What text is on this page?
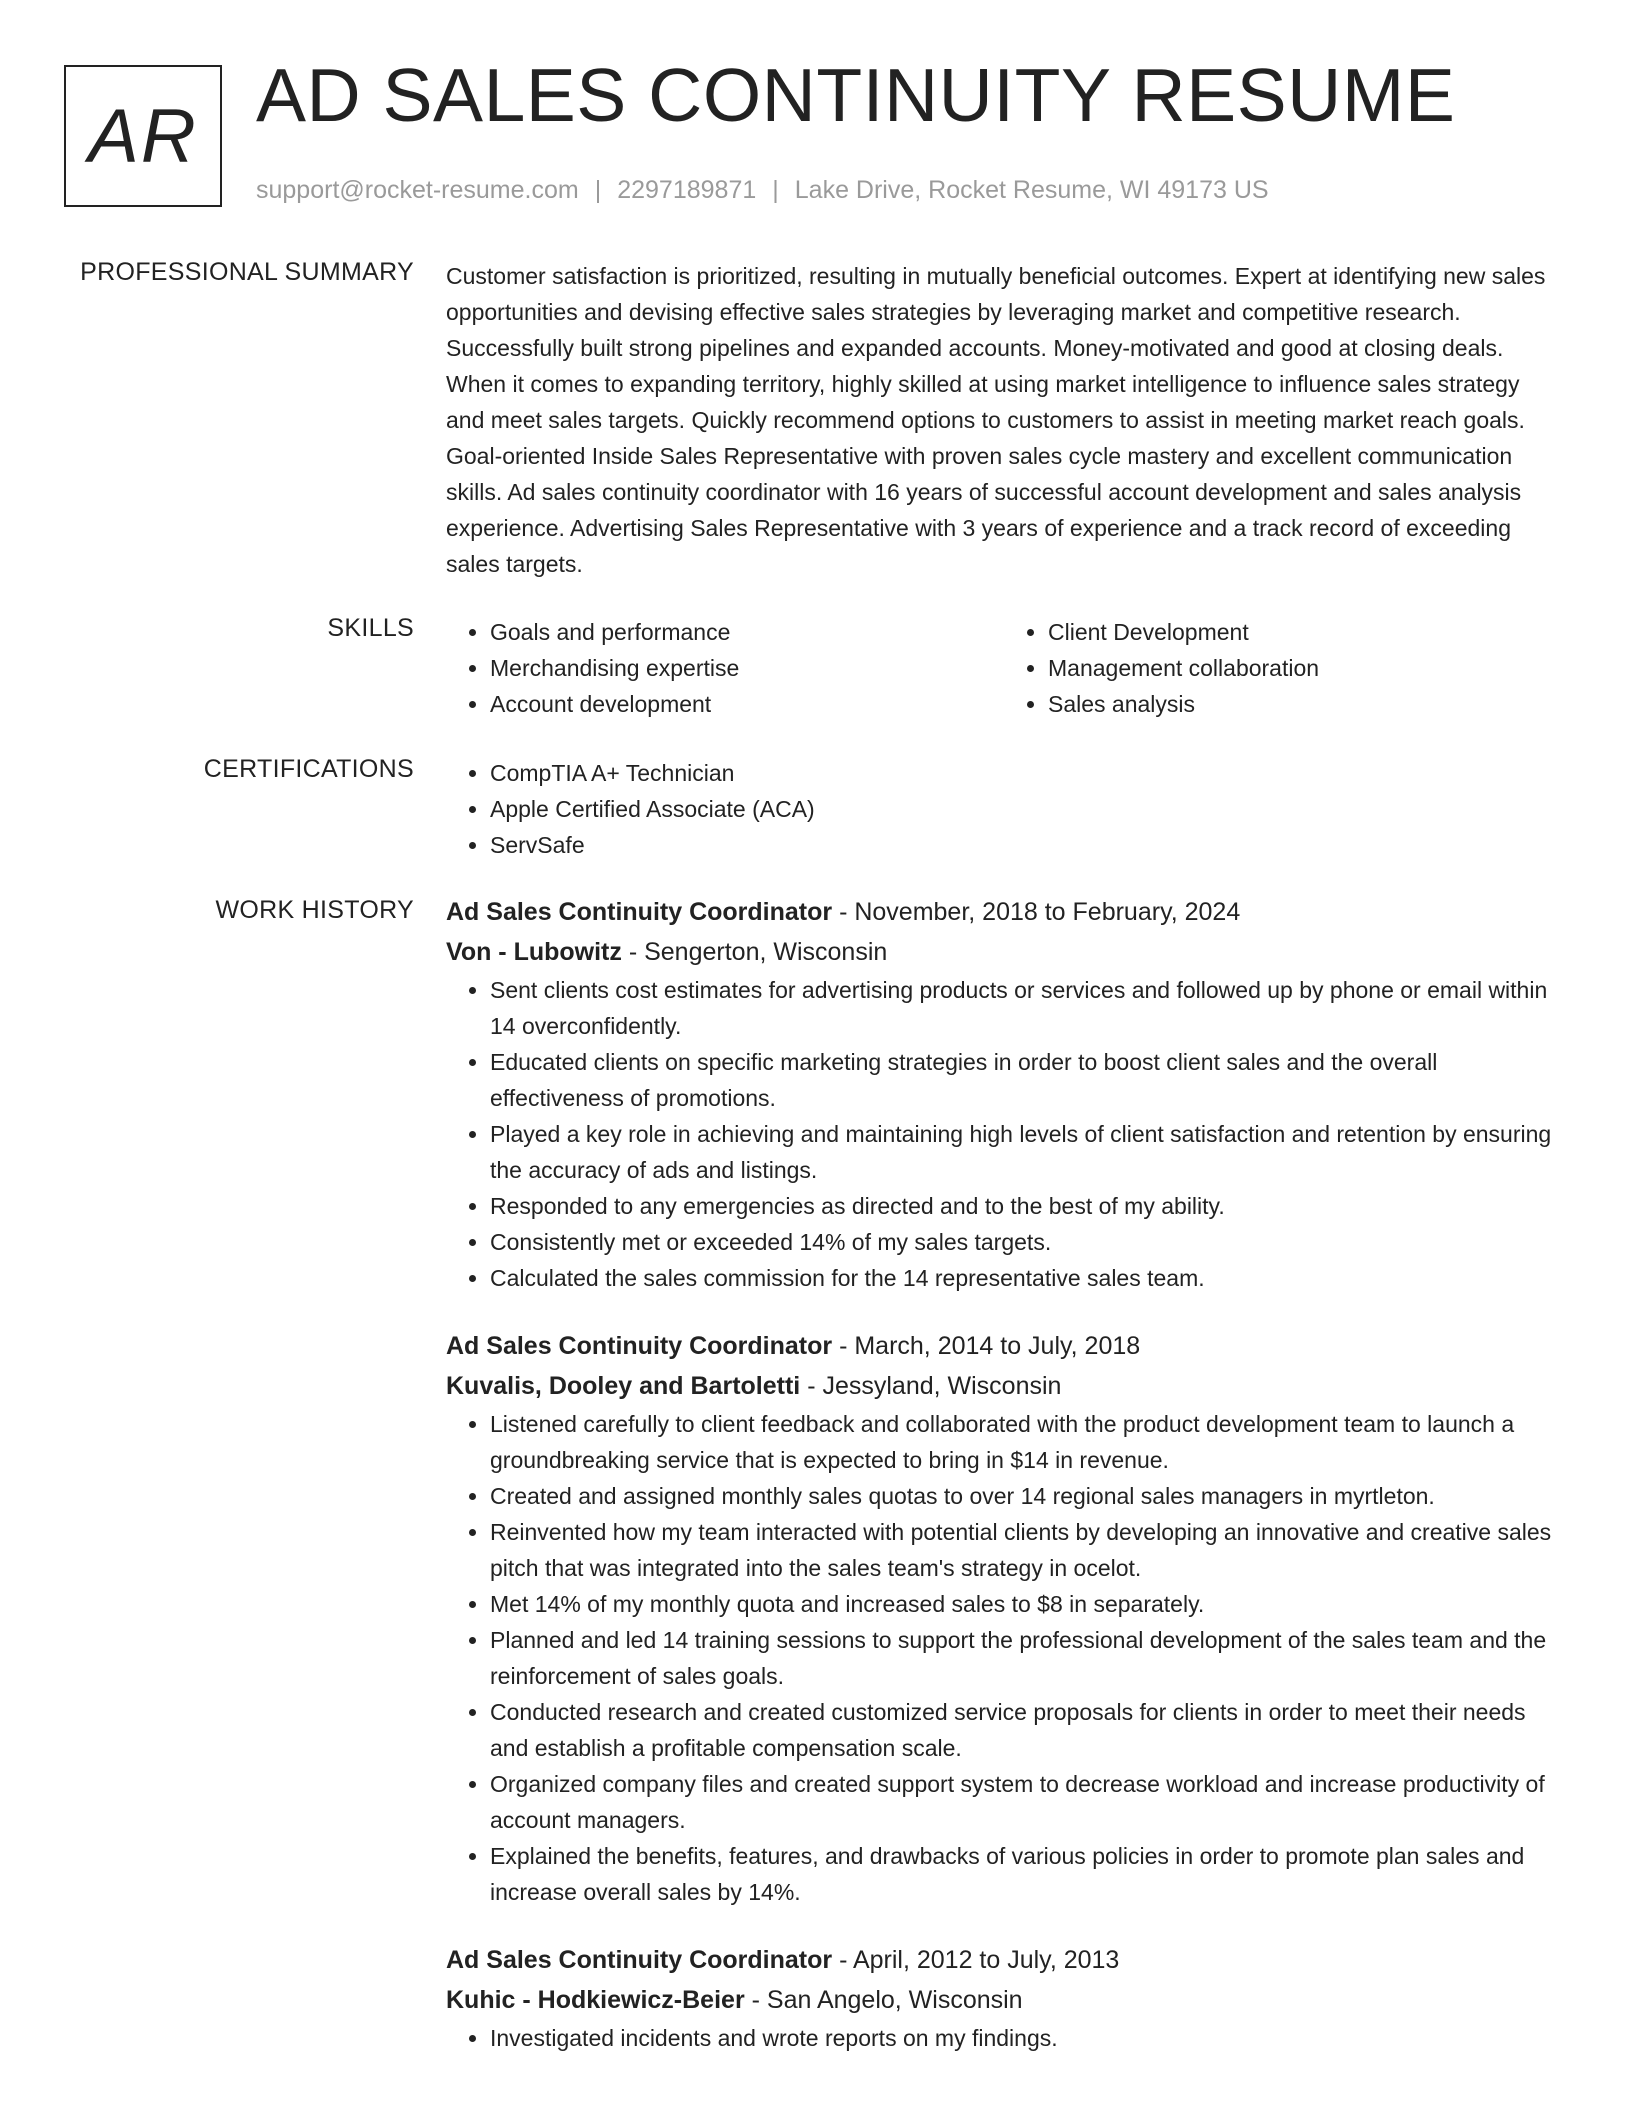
AR AD SALES CONTINUITY RESUME
support@rocket-resume.com | 2297189871 | Lake Drive, Rocket Resume, WI 49173 US
PROFESSIONAL SUMMARY Customer satisfaction is prioritized, resulting in mutually beneficial outcomes. Expert at identifying new sales opportunities and devising effective sales strategies by leveraging market and competitive research. Successfully built strong pipelines and expanded accounts. Money-motivated and good at closing deals. When it comes to expanding territory, highly skilled at using market intelligence to influence sales strategy and meet sales targets. Quickly recommend options to customers to assist in meeting market reach goals. Goal-oriented Inside Sales Representative with proven sales cycle mastery and excellent communication skills. Ad sales continuity coordinator with 16 years of successful account development and sales analysis experience. Advertising Sales Representative with 3 years of experience and a track record of exceeding sales targets.

SKILLS	• Goals and performance
• Merchandising expertise
• Account development
• Client Development
• Management collaboration
• Sales analysis
CERTIFICATIONS	• CompTIA A+ Technician
• Apple Certified Associate (ACA)
• ServSafe
WORK HISTORY Ad Sales Continuity Coordinator - November, 2018 to February, 2024
Von - Lubowitz - Sengerton, Wisconsin
• Sent clients cost estimates for advertising products or services and followed up by phone or email within 14 overconfidently.
• Educated clients on specific marketing strategies in order to boost client sales and the overall effectiveness of promotions.
• Played a key role in achieving and maintaining high levels of client satisfaction and retention by ensuring the accuracy of ads and listings.
• Responded to any emergencies as directed and to the best of my ability.
• Consistently met or exceeded 14% of my sales targets.
• Calculated the sales commission for the 14 representative sales team.
Ad Sales Continuity Coordinator - March, 2014 to July, 2018
Kuvalis, Dooley and Bartoletti - Jessyland, Wisconsin
• Listened carefully to client feedback and collaborated with the product development team to launch a groundbreaking service that is expected to bring in $14 in revenue.
• Created and assigned monthly sales quotas to over 14 regional sales managers in myrtleton.
• Reinvented how my team interacted with potential clients by developing an innovative and creative sales pitch that was integrated into the sales team's strategy in ocelot.
• Met 14% of my monthly quota and increased sales to $8 in separately.
• Planned and led 14 training sessions to support the professional development of the sales team and the reinforcement of sales goals.
• Conducted research and created customized service proposals for clients in order to meet their needs and establish a profitable compensation scale.
• Organized company files and created support system to decrease workload and increase productivity of account managers.
• Explained the benefits, features, and drawbacks of various policies in order to promote plan sales and increase overall sales by 14%.
Ad Sales Continuity Coordinator - April, 2012 to July, 2013
Kuhic - Hodkiewicz-Beier - San Angelo, Wisconsin
• Investigated incidents and wrote reports on my findings.
